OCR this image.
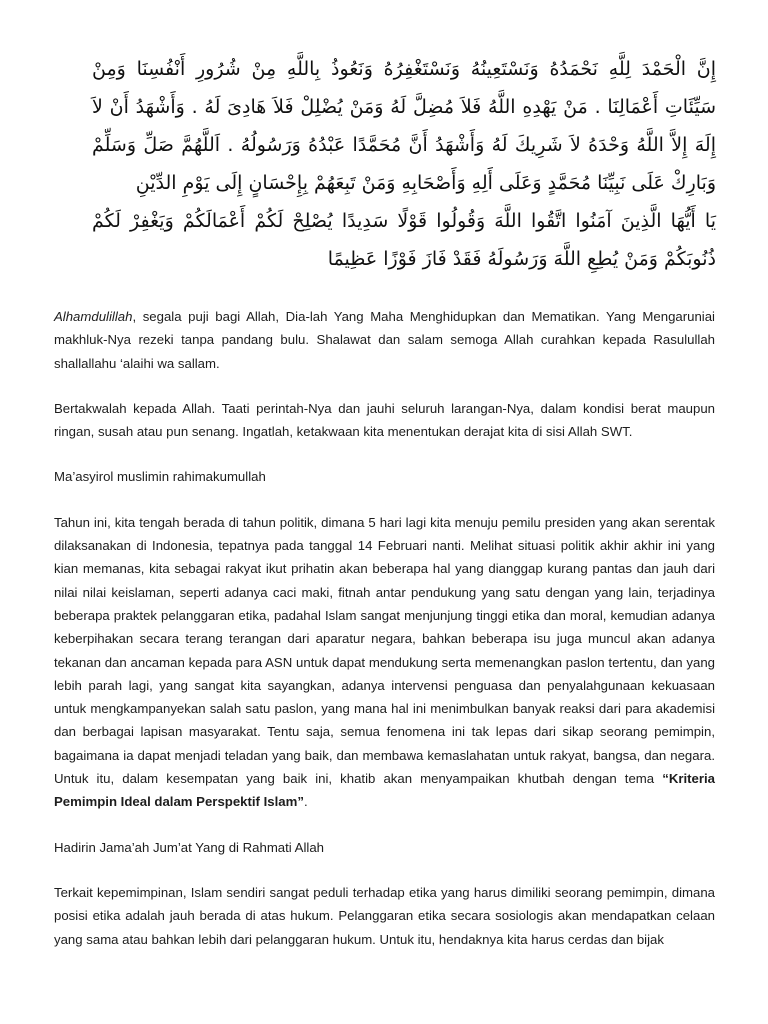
إِنَّ الْحَمْدَ لِلَّهِ نَحْمَدُهُ وَنَسْتَعِينُهُ وَنَسْتَغْفِرُهُ وَنَعُوذُ بِاللَّهِ مِنْ شُرُورِ أَنْفُسِنَا وَمِنْ سَيِّئَاتِ أَعْمَالِنَا . مَنْ يَهْدِهِ اللَّهُ فَلاَ مُضِلَّ لَهُ وَمَنْ يُضْلِلْ فَلاَ هَادِىَ لَهُ . وَأَشْهَدُ أَنْ لاَ إِلَهَ إِلاَّ اللَّهُ وَحْدَهُ لاَ شَرِيكَ لَهُ وَأَشْهَدُ أَنَّ مُحَمَّدًا عَبْدُهُ وَرَسُولُهُ . اَللَّهُمَّ صَلِّ وَسَلِّمْ وَبَارِكْ عَلَى نَبِيِّنَا مُحَمَّدٍ وَعَلَى أَلِهِ وَأَصْحَابِهِ وَمَنْ تَبِعَهُمْ بِإِحْسَانٍ إِلَى يَوْمِ الدِّيْنِ

يَا أَيُّهَا الَّذِينَ آمَنُوا اتَّقُوا اللَّهَ وَقُولُوا قَوْلًا سَدِيدًا يُصْلِحْ لَكُمْ أَعْمَالَكُمْ وَيَغْفِرْ لَكُمْ ذُنُوبَكُمْ وَمَنْ يُطِعِ اللَّهَ وَرَسُولَهُ فَقَدْ فَازَ فَوْزًا عَظِيمًا

Alhamdulillah, segala puji bagi Allah, Dia-lah Yang Maha Menghidupkan dan Mematikan. Yang Mengaruniai makhluk-Nya rezeki tanpa pandang bulu. Shalawat dan salam semoga Allah curahkan kepada Rasulullah shallallahu ‘alaihi wa sallam.

Bertakwalah kepada Allah. Taati perintah-Nya dan jauhi seluruh larangan-Nya, dalam kondisi berat maupun ringan, susah atau pun senang. Ingatlah, ketakwaan kita menentukan derajat kita di sisi Allah SWT.

Ma’asyirol muslimin rahimakumullah

Tahun ini, kita tengah berada di tahun politik, dimana 5 hari lagi kita menuju pemilu presiden yang akan serentak dilaksanakan di Indonesia, tepatnya pada tanggal 14 Februari nanti. Melihat situasi politik akhir akhir ini yang kian memanas, kita sebagai rakyat ikut prihatin akan beberapa hal yang dianggap kurang pantas dan jauh dari nilai nilai keislaman, seperti adanya caci maki, fitnah antar pendukung yang satu dengan yang lain, terjadinya beberapa praktek pelanggaran etika, padahal Islam sangat menjunjung tinggi etika dan moral, kemudian adanya keberpihakan secara terang terangan dari aparatur negara, bahkan beberapa isu juga muncul akan adanya tekanan dan ancaman kepada para ASN untuk dapat mendukung serta memenangkan paslon tertentu, dan yang lebih parah lagi, yang sangat kita sayangkan, adanya intervensi penguasa dan penyalahgunaan kekuasaan untuk mengkampanyekan salah satu paslon, yang mana hal ini menimbulkan banyak reaksi dari para akademisi dan berbagai lapisan masyarakat. Tentu saja, semua fenomena ini tak lepas dari sikap seorang pemimpin, bagaimana ia dapat menjadi teladan yang baik, dan membawa kemaslahatan untuk rakyat, bangsa, dan negara. Untuk itu, dalam kesempatan yang baik ini, khatib akan menyampaikan khutbah dengan tema “Kriteria Pemimpin Ideal dalam Perspektif Islam”.

Hadirin Jama’ah Jum’at Yang di Rahmati Allah

Terkait kepemimpinan, Islam sendiri sangat peduli terhadap etika yang harus dimiliki seorang pemimpin, dimana posisi etika adalah jauh berada di atas hukum. Pelanggaran etika secara sosiologis akan mendapatkan celaan yang sama atau bahkan lebih dari pelanggaran hukum. Untuk itu, hendaknya kita harus cerdas dan bijak
